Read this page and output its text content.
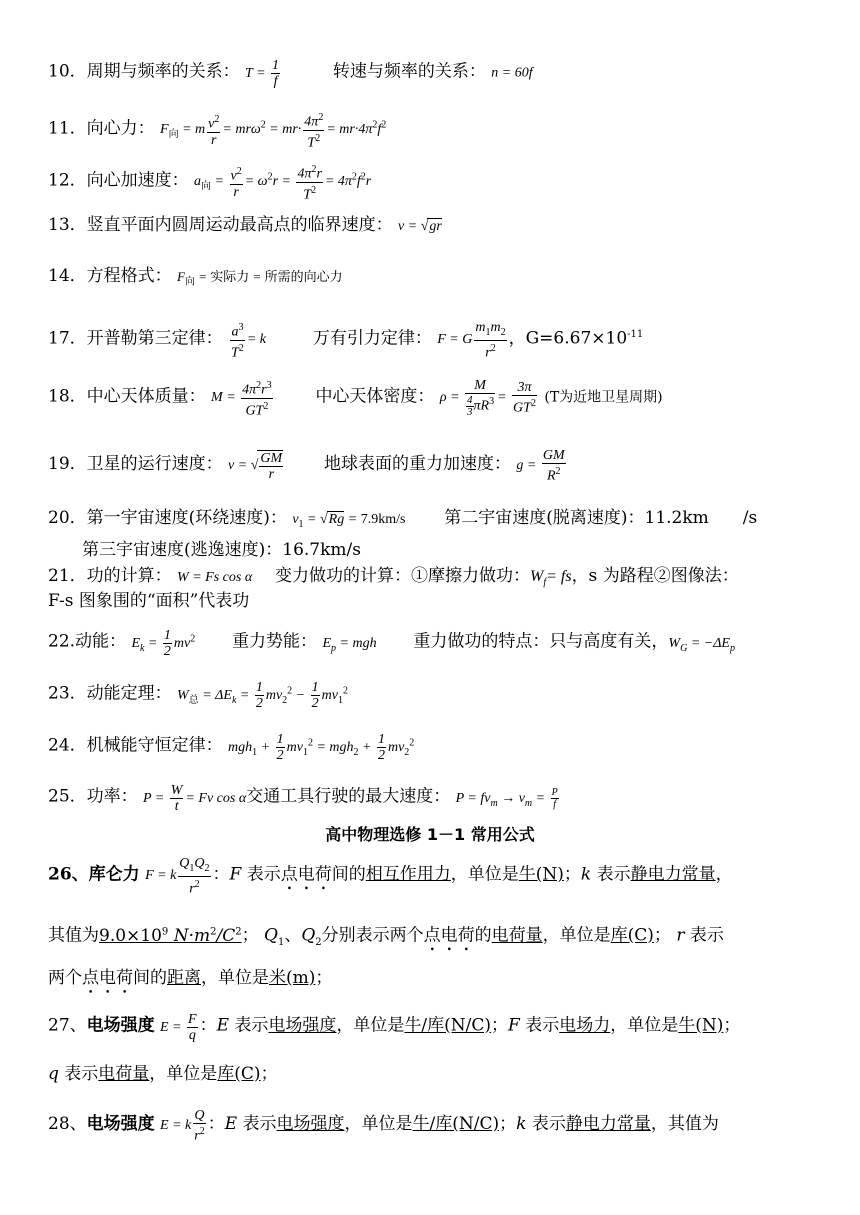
10．周期与频率的关系： $T = \frac{1}{f}$	转速与频率的关系： n = 60f
11．向心力： $F_向 = m \frac{v^2}{r} = mr\omega^2 = mr\cdot \frac{4\pi^2}{T^2} = mr\cdot 4\pi^2f^2$
12．向心加速度： $a_向 = \frac{v^2}{r} = \omega^2r = \frac{4\pi^2r}{T^2} = 4\pi^2f^2r$
13．竖直平面内圆周运动最高点的临界速度： v = √gr
14．方程格式： $F_向$ = 实际力 = 所需的向心力
17．开普勒第三定律： $\frac{a^3}{T^2} = k$	万有引力定律： F = G $\frac{m_1m_2}{r^2}$ ，$G=6.67\times 10^{-11}$
18．中心天体质量： $M = \frac{4\pi^2r^3}{GT^2}$	中心天体密度： $\rho = \frac{M}{\frac{4}{3} \pi R^3} = \frac{3\pi}{GT^2} (T$为近地卫星周期)
19．卫星的运行速度： v = √ $\frac{GM}{r}$ 地球表面的重力加速度： $g = \frac{GM}{R^2}$
20．第一宇宙速度(环绕速度)： $v_1 = √Rg = 7.9km/s$ 第二宇宙速度(脱离速度)：11.2km /s
第三宇宙速度(逃逸速度)：16.7km/s
21．功的计算： W = Fs cos α 变力做功的计算：①摩擦力做功：$W_f=$ fs，s 为路程②图像法：
F-s 图象围的“面积”代表功
22.动能： $E_k = \frac{1}{2} mv^2$ 重力势能： $E_p$ = mgh 重力做功的特点：只与高度有关，$W_G = -\Delta E_p$
23．动能定理： $W_总 = \Delta E_k = \frac{1}{2} mv_2^2 - \frac{1}{2} mv_1^2$
24．机械能守恒定律： $mgh_1 + \frac{1}{2} mv_1^2 = mgh_2 + \frac{1}{2} mv_2^2$
25．功率： $P = \frac{W}{t} = Fv$ cos α交通工具行驶的最大速度： $P = fv_m \to v_m = \frac{P}{f}$
高中物理选修 1－1 常用公式
26、库仑力 F = k $\frac{Q_1Q_2}{r^2}$ ：F 表示点电荷间的相互作用力，单位是牛(N)；k 表示静电力常量，
其值为$9.0\times 10^9$ $N\cdot m^2/C^2$； $Q_1$、$Q_2$分别表示两个点电荷的电荷量，单位是库(C)； r 表示
两个点电荷间的距离，单位是米(m)；
27、电场强度 $E = \frac{F}{q}$ ：E 表示电场强度，单位是牛/库(N/C)；F 表示电场力，单位是牛(N)；
q 表示电荷量，单位是库(C)；
28、电场强度 E = k $\frac{Q}{r^2}$ ：E 表示电场强度，单位是牛/库(N/C)；k 表示静电力常量，其值为
